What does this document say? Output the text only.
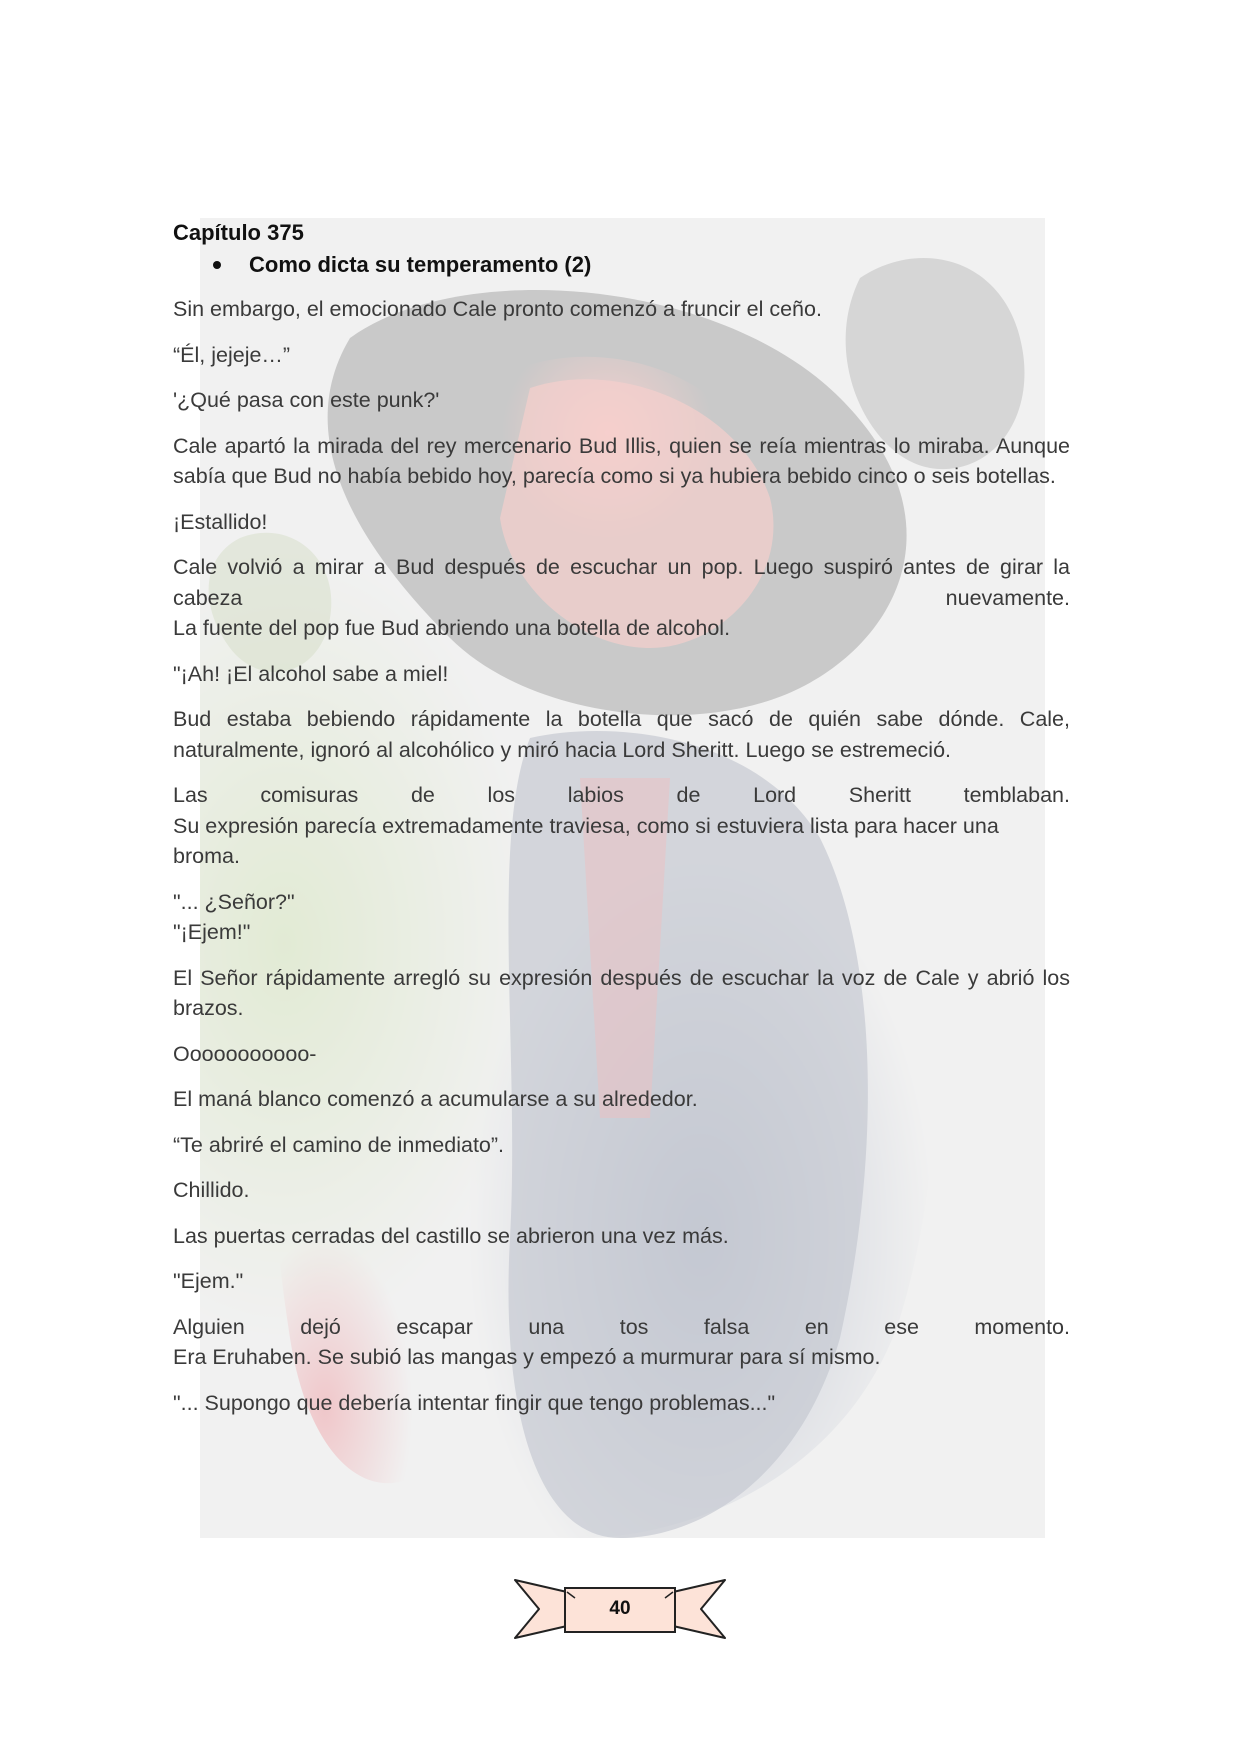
Capítulo 375
Como dicta su temperamento (2)

Sin embargo, el emocionado Cale pronto comenzó a fruncir el ceño.

“Él, jejeje…”

'¿Qué pasa con este punk?'

Cale apartó la mirada del rey mercenario Bud Illis, quien se reía mientras lo miraba. Aunque sabía que Bud no había bebido hoy, parecía como si ya hubiera bebido cinco o seis botellas.

¡Estallido!

Cale volvió a mirar a Bud después de escuchar un pop. Luego suspiró antes de girar la cabeza nuevamente.
La fuente del pop fue Bud abriendo una botella de alcohol.

"¡Ah! ¡El alcohol sabe a miel!

Bud estaba bebiendo rápidamente la botella que sacó de quién sabe dónde. Cale, naturalmente, ignoró al alcohólico y miró hacia Lord Sheritt. Luego se estremeció.

Las comisuras de los labios de Lord Sheritt temblaban.
Su expresión parecía extremadamente traviesa, como si estuviera lista para hacer una broma.
"... ¿Señor?"
"¡Ejem!"

El Señor rápidamente arregló su expresión después de escuchar la voz de Cale y abrió los brazos.

Ooooooooooo-

El maná blanco comenzó a acumularse a su alrededor.

“Te abriré el camino de inmediato”.

Chillido.

Las puertas cerradas del castillo se abrieron una vez más.

"Ejem."

Alguien dejó escapar una tos falsa en ese momento.
Era Eruhaben. Se subió las mangas y empezó a murmurar para sí mismo.

"... Supongo que debería intentar fingir que tengo problemas..."

40
